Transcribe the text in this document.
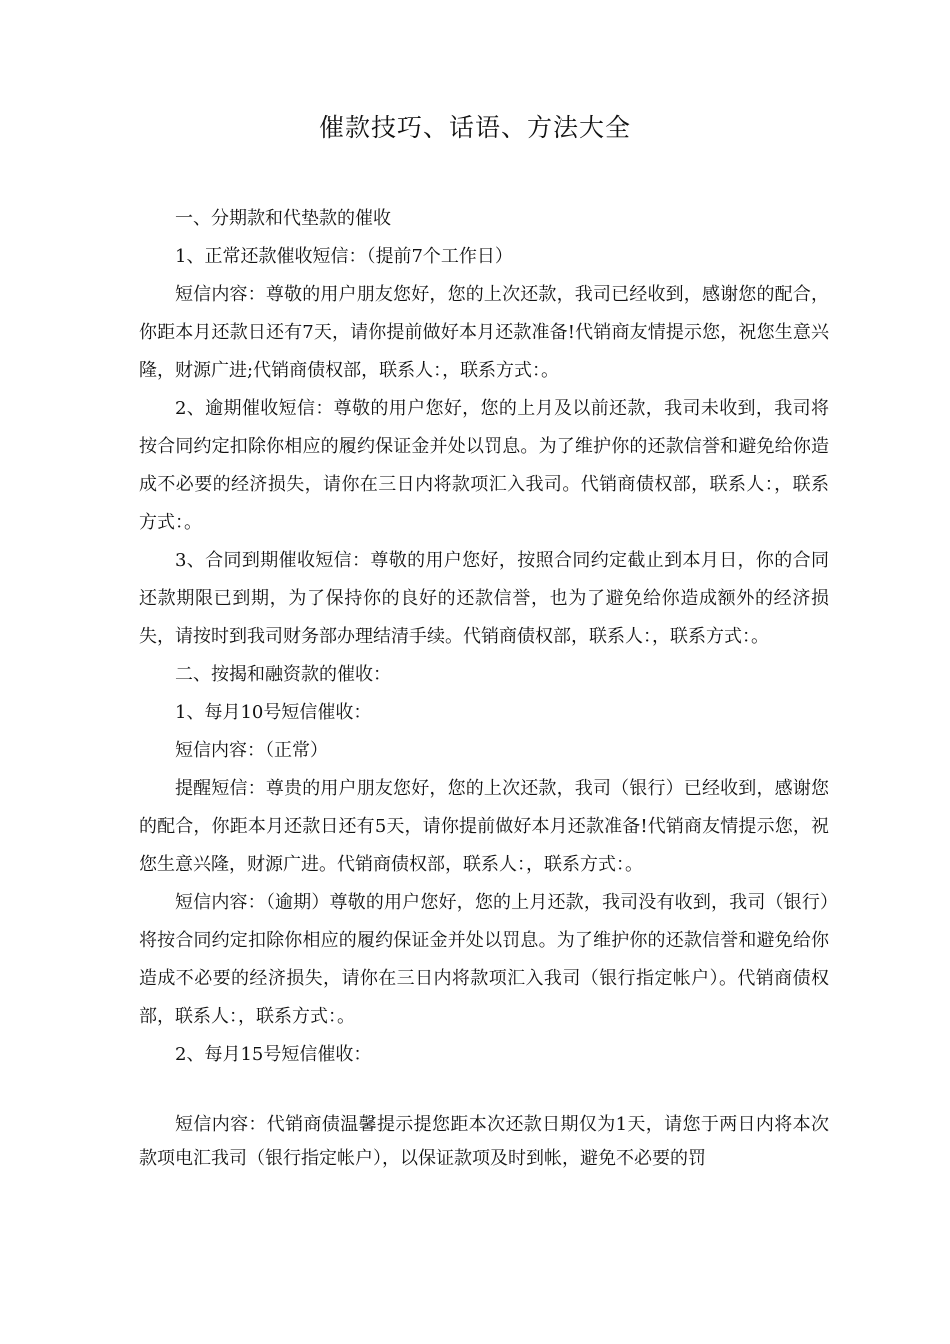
催款技巧、话语、方法大全

一、分期款和代垫款的催收

1、正常还款催收短信：（提前7个工作日）

短信内容：尊敬的用户朋友您好，您的上次还款，我司已经收到，感谢您的配合，你距本月还款日还有7天，请你提前做好本月还款准备!代销商友情提示您，祝您生意兴隆，财源广进;代销商债权部，联系人：，联系方式：。

2、逾期催收短信：尊敬的用户您好，您的上月及以前还款，我司未收到，我司将按合同约定扣除你相应的履约保证金并处以罚息。为了维护你的还款信誉和避免给你造成不必要的经济损失，请你在三日内将款项汇入我司。代销商债权部，联系人：，联系方式：。

3、合同到期催收短信：尊敬的用户您好，按照合同约定截止到本月日，你的合同还款期限已到期，为了保持你的良好的还款信誉，也为了避免给你造成额外的经济损失，请按时到我司财务部办理结清手续。代销商债权部，联系人：，联系方式：。

二、按揭和融资款的催收：

1、每月10号短信催收：

短信内容：（正常）

提醒短信：尊贵的用户朋友您好，您的上次还款，我司（银行）已经收到，感谢您的配合，你距本月还款日还有5天，请你提前做好本月还款准备!代销商友情提示您，祝您生意兴隆，财源广进。代销商债权部，联系人：，联系方式：。

短信内容：（逾期）尊敬的用户您好，您的上月还款，我司没有收到，我司（银行）将按合同约定扣除你相应的履约保证金并处以罚息。为了维护你的还款信誉和避免给你造成不必要的经济损失，请你在三日内将款项汇入我司（银行指定帐户）。代销商债权部，联系人：，联系方式：。

2、每月15号短信催收：

短信内容：代销商债温馨提示提您距本次还款日期仅为1天，请您于两日内将本次款项电汇我司（银行指定帐户），以保证款项及时到帐，避免不必要的罚
